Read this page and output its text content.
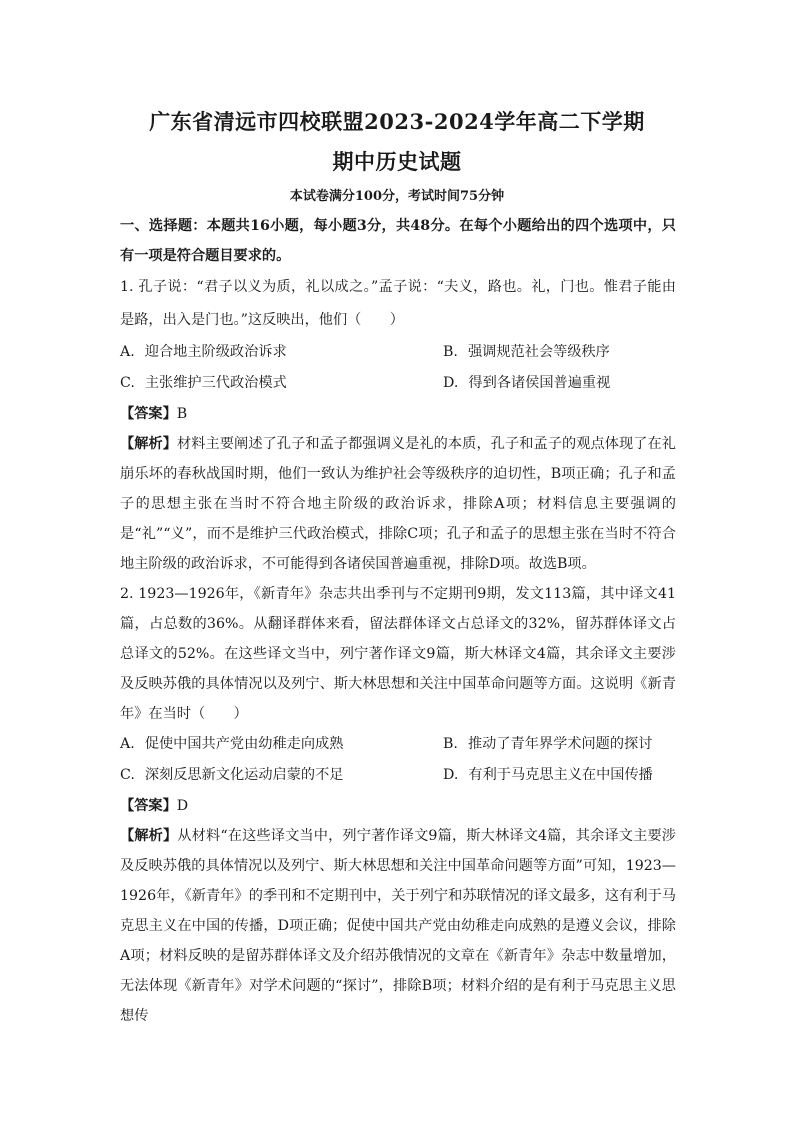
广东省清远市四校联盟2023-2024学年高二下学期
期中历史试题
本试卷满分100分，考试时间75分钟

一、选择题：本题共16小题，每小题3分，共48分。在每个小题给出的四个选项中，只有一项是符合题目要求的。

1. 孔子说：“君子以义为质，礼以成之。”孟子说：“夫义，路也。礼，门也。惟君子能由是路，出入是门也。”这反映出，他们（　　）

A. 迎合地主阶级政治诉求	B. 强调规范社会等级秩序
C. 主张维护三代政治模式	D. 得到各诸侯国普遍重视

【答案】B

【解析】材料主要阐述了孔子和孟子都强调义是礼的本质，孔子和孟子的观点体现了在礼崩乐坏的春秋战国时期，他们一致认为维护社会等级秩序的迫切性，B项正确；孔子和孟子的思想主张在当时不符合地主阶级的政治诉求，排除A项；材料信息主要强调的是“礼”“义”，而不是维护三代政治模式，排除C项；孔子和孟子的思想主张在当时不符合地主阶级的政治诉求，不可能得到各诸侯国普遍重视，排除D项。故选B项。

2. 1923—1926年，《新青年》杂志共出季刊与不定期刊9期，发文113篇，其中译文41篇，占总数的36%。从翻译群体来看，留法群体译文占总译文的32%，留苏群体译文占总译文的52%。在这些译文当中，列宁著作译文9篇，斯大林译文4篇，其余译文主要涉及反映苏俄的具体情况以及列宁、斯大林思想和关注中国革命问题等方面。这说明《新青年》在当时（　　）

A. 促使中国共产党由幼稚走向成熟	B. 推动了青年界学术问题的探讨
C. 深刻反思新文化运动启蒙的不足	D. 有利于马克思主义在中国传播

【答案】D

【解析】从材料“在这些译文当中，列宁著作译文9篇，斯大林译文4篇，其余译文主要涉及反映苏俄的具体情况以及列宁、斯大林思想和关注中国革命问题等方面”可知，1923—1926年，《新青年》的季刊和不定期刊中，关于列宁和苏联情况的译文最多，这有利于马克思主义在中国的传播，D项正确；促使中国共产党由幼稚走向成熟的是遵义会议，排除A项；材料反映的是留苏群体译文及介绍苏俄情况的文章在《新青年》杂志中数量增加，无法体现《新青年》对学术问题的“探讨”，排除B项；材料介绍的是有利于马克思主义思想传
